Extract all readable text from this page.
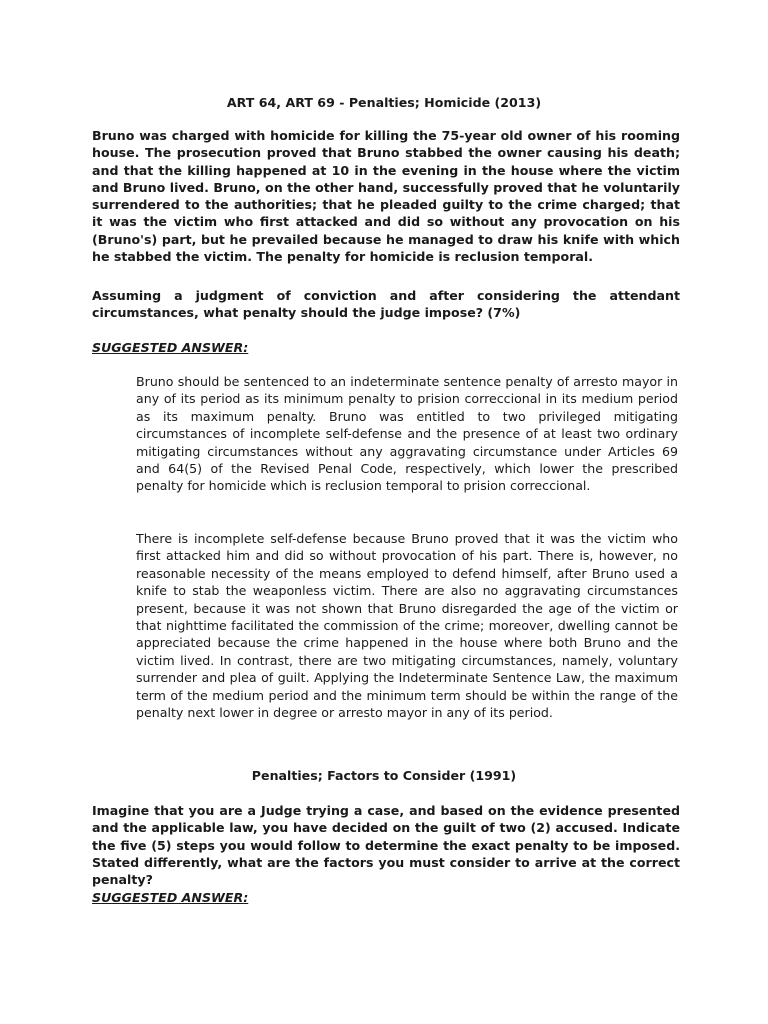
ART 64, ART 69 - Penalties; Homicide (2013)

Bruno was charged with homicide for killing the 75-year old owner of his rooming house. The prosecution proved that Bruno stabbed the owner causing his death; and that the killing happened at 10 in the evening in the house where the victim and Bruno lived. Bruno, on the other hand, successfully proved that he voluntarily surrendered to the authorities; that he pleaded guilty to the crime charged; that it was the victim who first attacked and did so without any provocation on his (Bruno's) part, but he prevailed because he managed to draw his knife with which he stabbed the victim. The penalty for homicide is reclusion temporal.

Assuming a judgment of conviction and after considering the attendant circumstances, what penalty should the judge impose? (7%)

SUGGESTED ANSWER:

Bruno should be sentenced to an indeterminate sentence penalty of arresto mayor in any of its period as its minimum penalty to prision correccional in its medium period as its maximum penalty. Bruno was entitled to two privileged mitigating circumstances of incomplete self-defense and the presence of at least two ordinary mitigating circumstances without any aggravating circumstance under Articles 69 and 64(5) of the Revised Penal Code, respectively, which lower the prescribed penalty for homicide which is reclusion temporal to prision correccional.

There is incomplete self-defense because Bruno proved that it was the victim who first attacked him and did so without provocation of his part. There is, however, no reasonable necessity of the means employed to defend himself, after Bruno used a knife to stab the weaponless victim. There are also no aggravating circumstances present, because it was not shown that Bruno disregarded the age of the victim or that nighttime facilitated the commission of the crime; moreover, dwelling cannot be appreciated because the crime happened in the house where both Bruno and the victim lived. In contrast, there are two mitigating circumstances, namely, voluntary surrender and plea of guilt. Applying the Indeterminate Sentence Law, the maximum term of the medium period and the minimum term should be within the range of the penalty next lower in degree or arresto mayor in any of its period.

Penalties; Factors to Consider (1991)

Imagine that you are a Judge trying a case, and based on the evidence presented and the applicable law, you have decided on the guilt of two (2) accused. Indicate the five (5) steps you would follow to determine the exact penalty to be imposed. Stated differently, what are the factors you must consider to arrive at the correct penalty?

SUGGESTED ANSWER:
